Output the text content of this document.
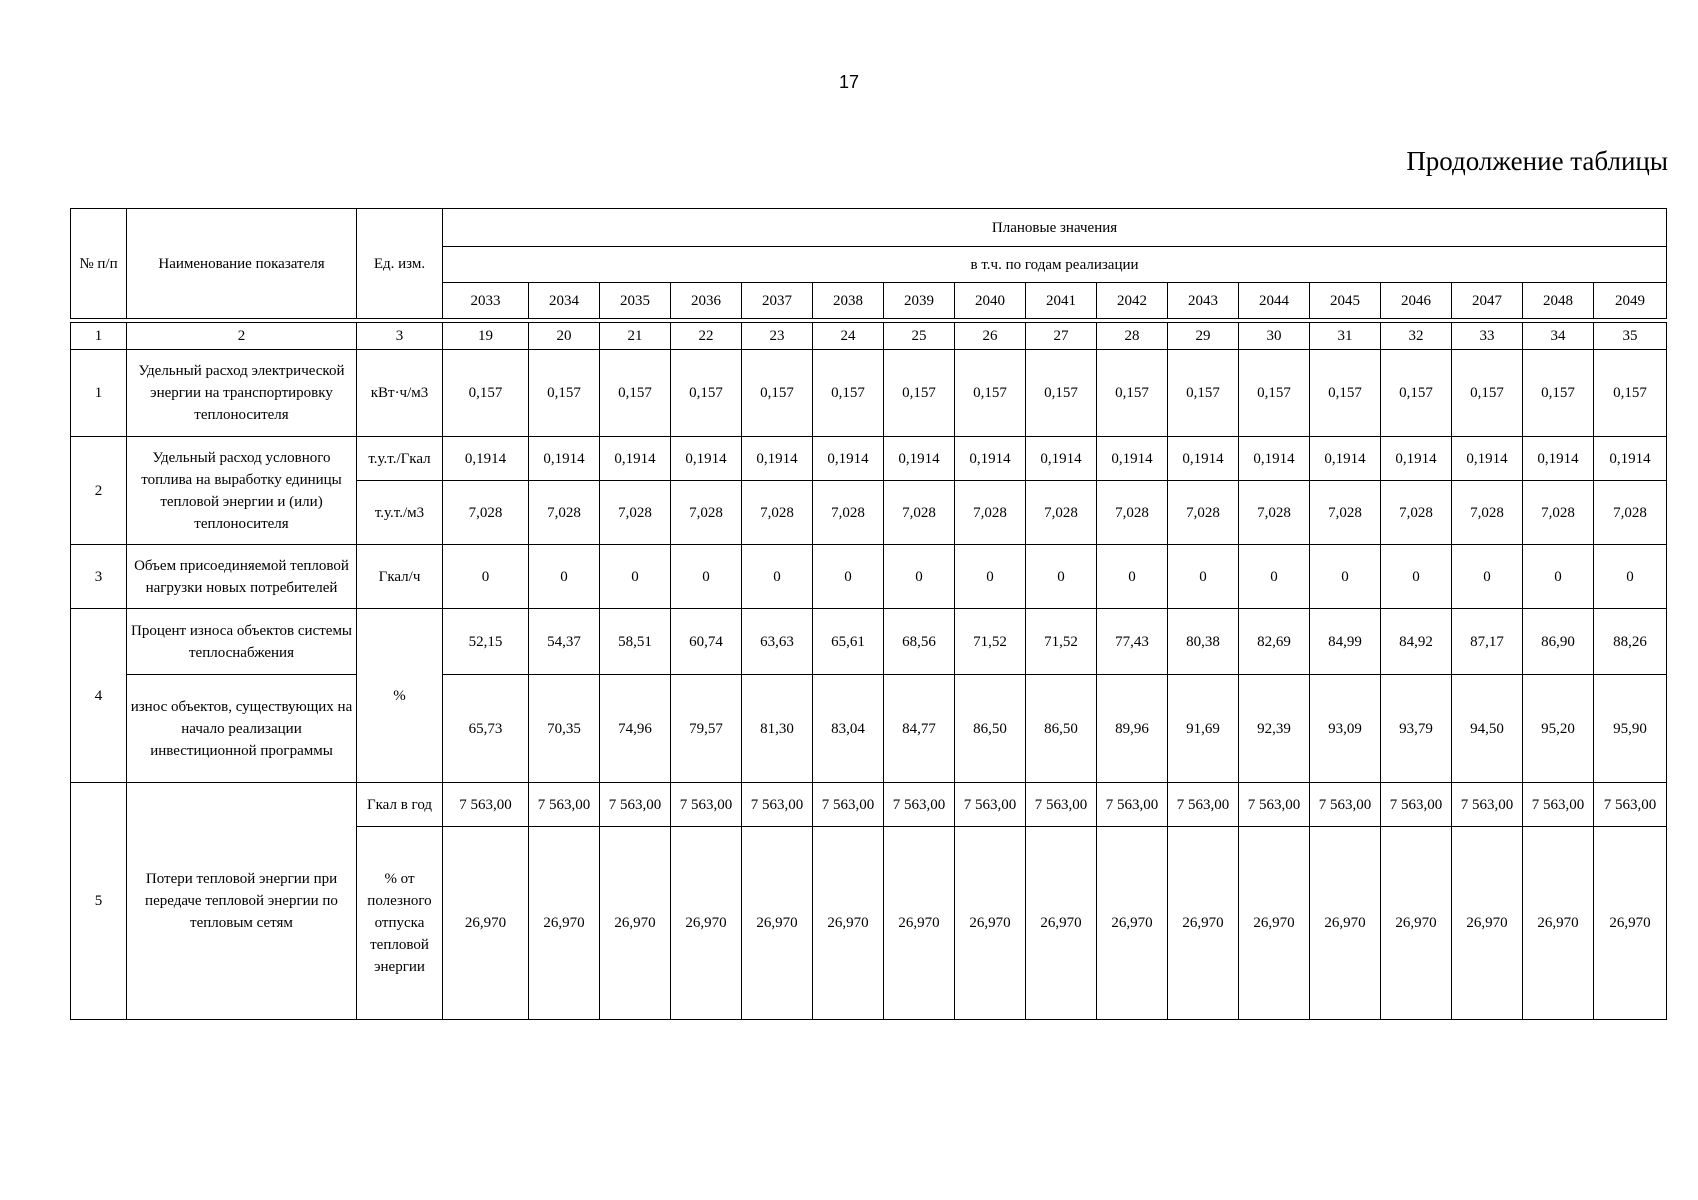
17
Продолжение таблицы
№ п/п	Наименование показателя	Ед. изм.	Плановые значения																
			в т.ч. по годам реализации																
			2033	2034	2035	2036	2037	2038	2039	2040	2041	2042	2043	2044	2045	2046	2047	2048	2049

1	2	3	19	20	21	22	23	24	25	26	27	28	29	30	31	32	33	34	35
1	Удельный расход электрической энергии на транспортировку теплоносителя	кВт·ч/м3	0,157	0,157	0,157	0,157	0,157	0,157	0,157	0,157	0,157	0,157	0,157	0,157	0,157	0,157	0,157	0,157	0,157
2	Удельный расход условного топлива на выработку единицы тепловой энергии и (или) теплоносителя	т.у.т./Гкал	0,1914	0,1914	0,1914	0,1914	0,1914	0,1914	0,1914	0,1914	0,1914	0,1914	0,1914	0,1914	0,1914	0,1914	0,1914	0,1914	0,1914
		т.у.т./м3	7,028	7,028	7,028	7,028	7,028	7,028	7,028	7,028	7,028	7,028	7,028	7,028	7,028	7,028	7,028	7,028	7,028
3	Объем присоединяемой тепловой нагрузки новых потребителей	Гкал/ч	0	0	0	0	0	0	0	0	0	0	0	0	0	0	0	0	0
4	Процент износа объектов системы теплоснабжения	%	52,15	54,37	58,51	60,74	63,63	65,61	68,56	71,52	71,52	77,43	80,38	82,69	84,99	84,92	87,17	86,90	88,26
	износ объектов, существующих на начало реализации инвестиционной программы		65,73	70,35	74,96	79,57	81,30	83,04	84,77	86,50	86,50	89,96	91,69	92,39	93,09	93,79	94,50	95,20	95,90
5	Потери тепловой энергии при передаче тепловой энергии по тепловым сетям	Гкал в год	7 563,00	7 563,00	7 563,00	7 563,00	7 563,00	7 563,00	7 563,00	7 563,00	7 563,00	7 563,00	7 563,00	7 563,00	7 563,00	7 563,00	7 563,00	7 563,00	7 563,00
		% от полезного отпуска тепловой энергии	26,970	26,970	26,970	26,970	26,970	26,970	26,970	26,970	26,970	26,970	26,970	26,970	26,970	26,970	26,970	26,970	26,970
